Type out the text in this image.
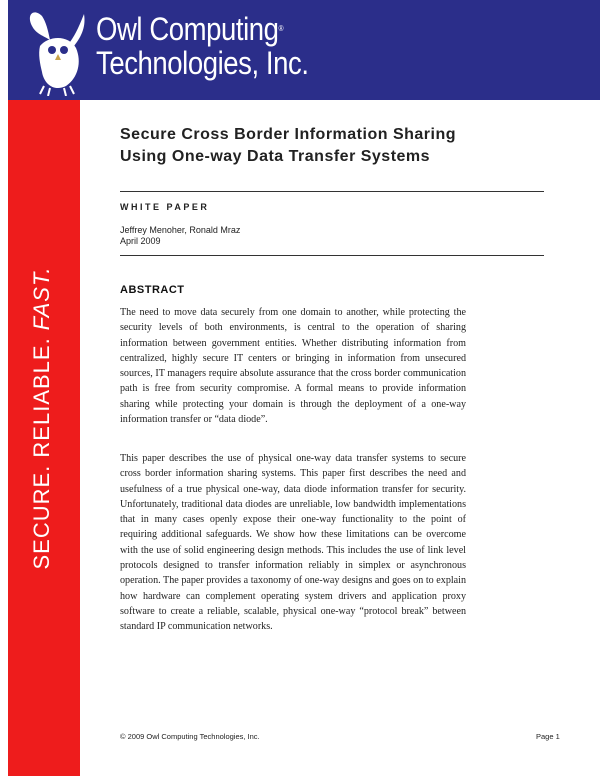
Owl Computing®
Technologies, Inc.
SECURE. RELIABLE. FAST.
Secure Cross Border Information Sharing
Using One-way Data Transfer Systems
WHITE PAPER
Jeffrey Menoher, Ronald Mraz
April 2009
ABSTRACT
The need to move data securely from one domain to another, while protecting the security levels of both environments, is central to the operation of sharing information between government entities. Whether distributing information from centralized, highly secure IT centers or bringing in information from unsecured sources, IT managers require absolute assurance that the cross border communication path is free from security compromise. A formal means to provide information sharing while protecting your domain is through the deployment of a one-way information transfer or “data diode”.
This paper describes the use of physical one-way data transfer systems to secure cross border information sharing systems. This paper first describes the need and usefulness of a true physical one-way, data diode information transfer for security. Unfortunately, traditional data diodes are unreliable, low bandwidth implementations that in many cases openly expose their one-way functionality to the point of requiring additional safeguards. We show how these limitations can be overcome with the use of solid engineering design methods. This includes the use of link level protocols designed to transfer information reliably in simplex or asynchronous operation. The paper provides a taxonomy of one-way designs and goes on to explain how hardware can complement operating system drivers and application proxy software to create a reliable, scalable, physical one-way “protocol break” between standard IP communication networks.
© 2009 Owl Computing Technologies, Inc.	Page 1
